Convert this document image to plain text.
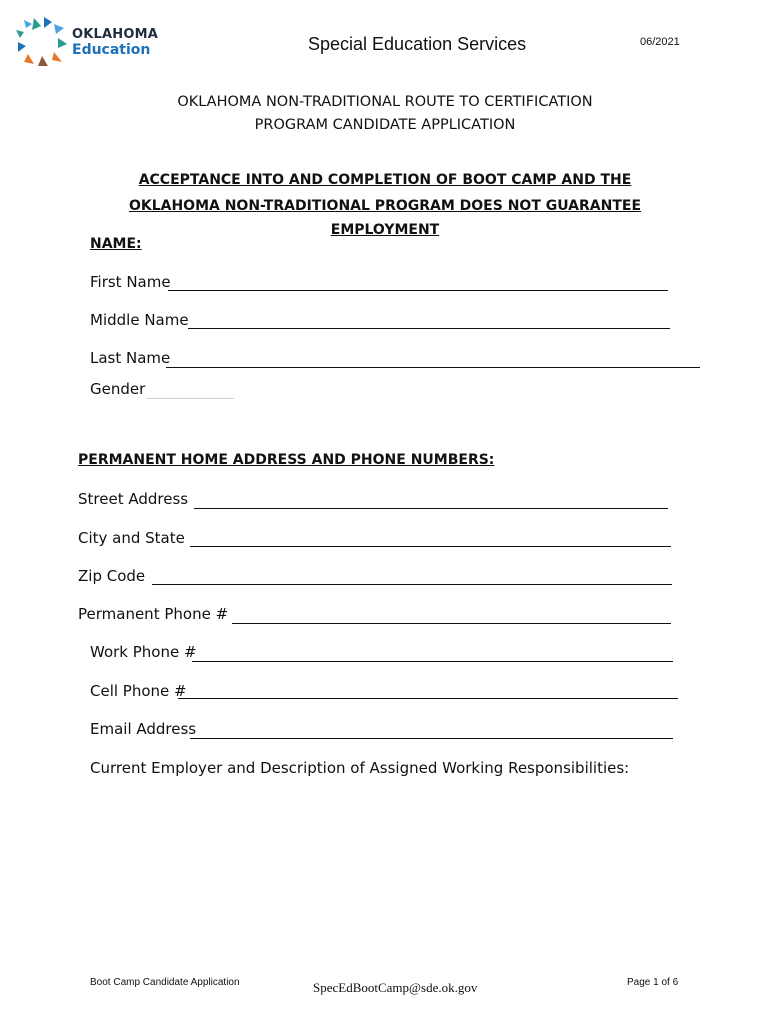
OKLAHOMA
Education	Special Education Services	06/2021
OKLAHOMA NON-TRADITIONAL ROUTE TO CERTIFICATION
PROGRAM CANDIDATE APPLICATION
ACCEPTANCE INTO AND COMPLETION OF BOOT CAMP AND THE
OKLAHOMA NON-TRADITIONAL PROGRAM DOES NOT GUARANTEE
EMPLOYMENT
NAME:
First Name
Middle Name
Last Name
Gender
PERMANENT HOME ADDRESS AND PHONE NUMBERS:
Street Address
City and State
Zip Code
Permanent Phone #
Work Phone #
Cell Phone #
Email Address
Current Employer and Description of Assigned Working Responsibilities:
Boot Camp Candidate Application	SpecEdBootCamp@sde.ok.gov	Page 1 of 6
